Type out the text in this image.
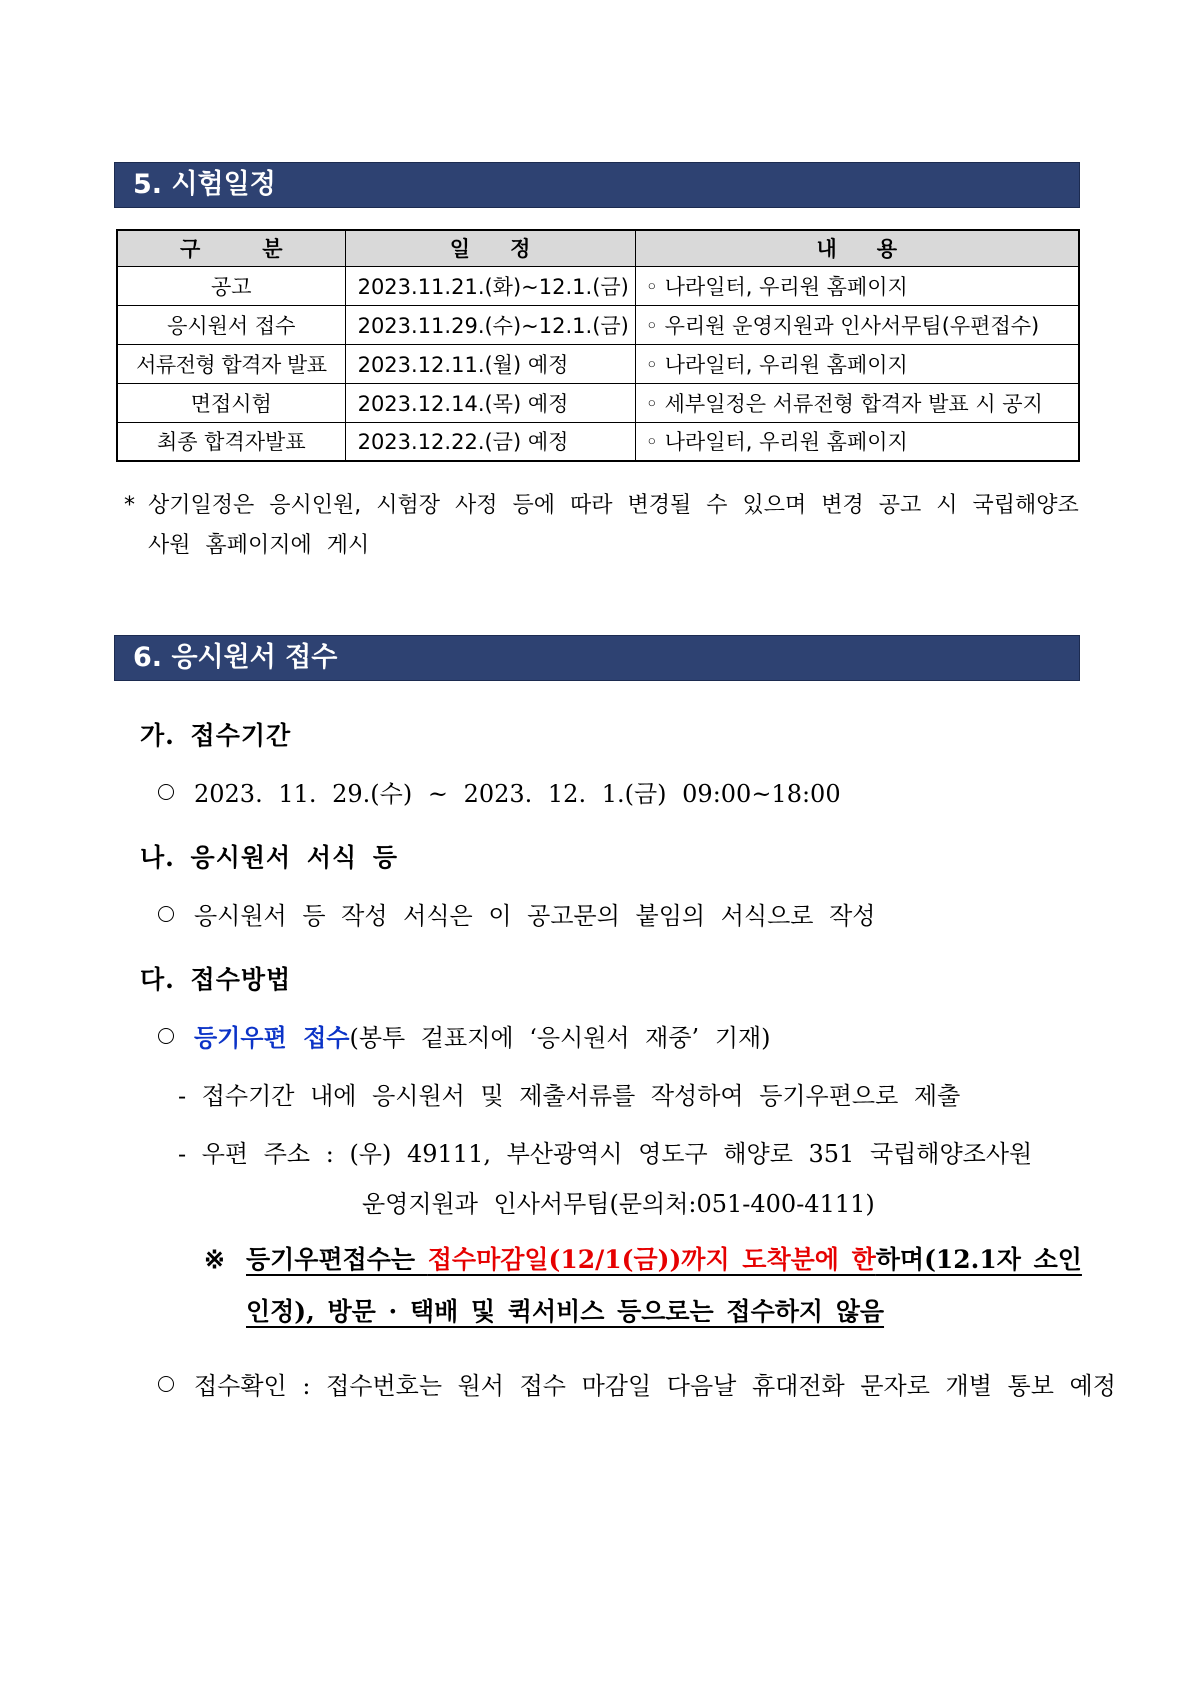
5. 시험일정
구분	일정	내용
공고	2023.11.21.(화)~12.1.(금)	◦ 나라일터, 우리원 홈페이지
응시원서 접수	2023.11.29.(수)~12.1.(금)	◦ 우리원 운영지원과 인사서무팀(우편접수)
서류전형 합격자 발표	2023.12.11.(월) 예정	◦ 나라일터, 우리원 홈페이지
면접시험	2023.12.14.(목) 예정	◦ 세부일정은 서류전형 합격자 발표 시 공지
최종 합격자발표	2023.12.22.(금) 예정	◦ 나라일터, 우리원 홈페이지
* 상기일정은 응시인원, 시험장 사정 등에 따라 변경될 수 있으며 변경 공고 시 국립해양조사원 홈페이지에 게시
6. 응시원서 접수
가. 접수기간
2023. 11. 29.(수) ~ 2023. 12. 1.(금) 09:00~18:00
나. 응시원서 서식 등
응시원서 등 작성 서식은 이 공고문의 붙임의 서식으로 작성
다. 접수방법
등기우편 접수(봉투 겉표지에 ‘응시원서 재중’ 기재)
- 접수기간 내에 응시원서 및 제출서류를 작성하여 등기우편으로 제출
- 우편 주소 : (우) 49111, 부산광역시 영도구 해양로 351 국립해양조사원
운영지원과 인사서무팀(문의처:051-400-4111)
※ 등기우편접수는 접수마감일(12/1(금))까지 도착분에 한하며(12.1자 소인 인정), 방문 · 택배 및 퀵서비스 등으로는 접수하지 않음
접수확인 : 접수번호는 원서 접수 마감일 다음날 휴대전화 문자로 개별 통보 예정
